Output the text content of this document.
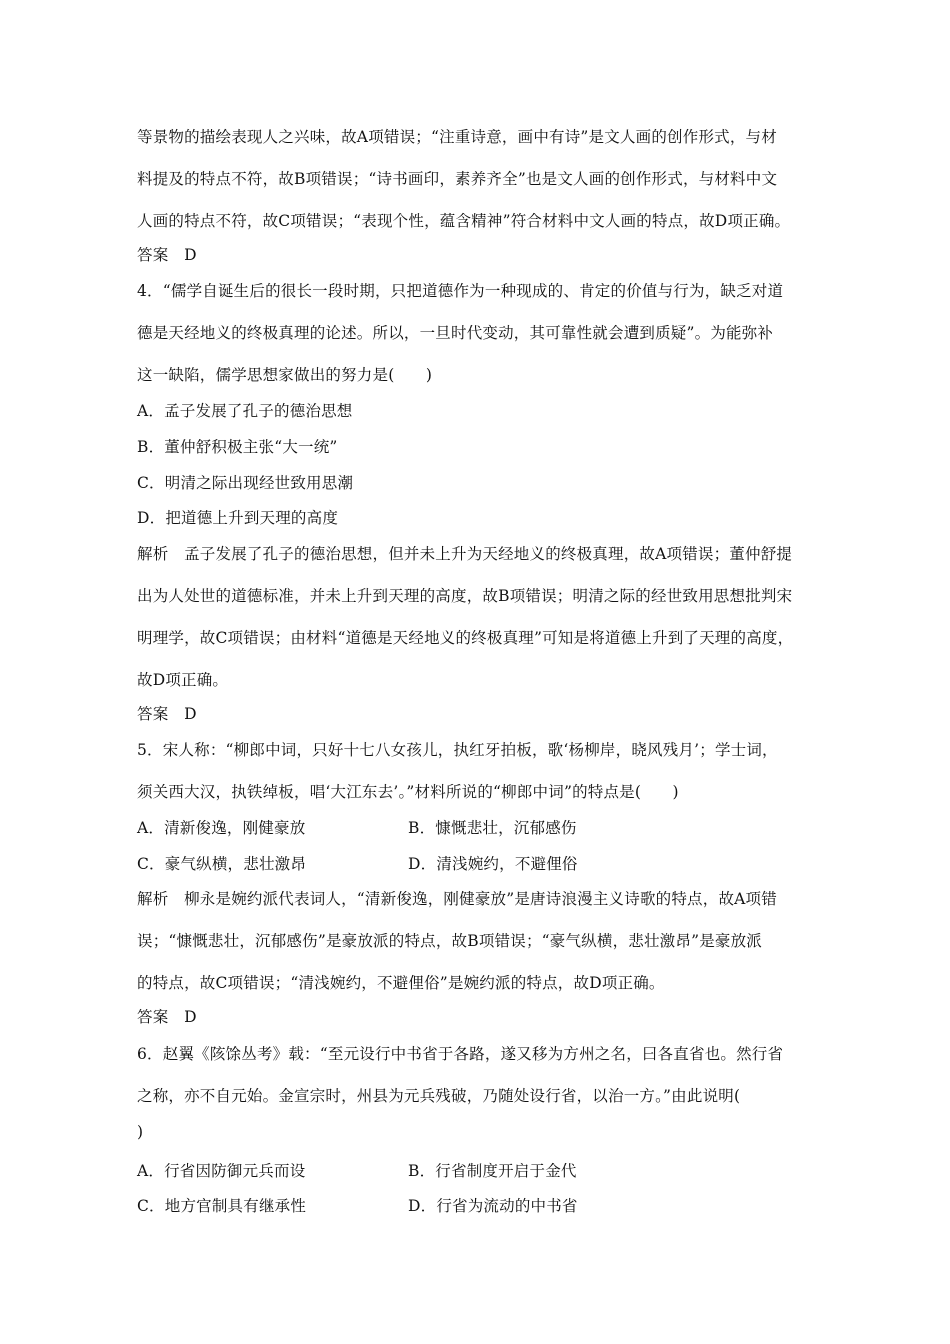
等景物的描绘表现人之兴味，故A项错误；“注重诗意，画中有诗”是文人画的创作形式，与材
料提及的特点不符，故B项错误；“诗书画印，素养齐全”也是文人画的创作形式，与材料中文
人画的特点不符，故C项错误；“表现个性，蕴含精神”符合材料中文人画的特点，故D项正确。
答案　D
4．“儒学自诞生后的很长一段时期，只把道德作为一种现成的、肯定的价值与行为，缺乏对道
德是天经地义的终极真理的论述。所以，一旦时代变动，其可靠性就会遭到质疑”。为能弥补
这一缺陷，儒学思想家做出的努力是(　　)
A．孟子发展了孔子的德治思想
B．董仲舒积极主张“大一统”
C．明清之际出现经世致用思潮
D．把道德上升到天理的高度
解析　孟子发展了孔子的德治思想，但并未上升为天经地义的终极真理，故A项错误；董仲舒提
出为人处世的道德标准，并未上升到天理的高度，故B项错误；明清之际的经世致用思想批判宋
明理学，故C项错误；由材料“道德是天经地义的终极真理”可知是将道德上升到了天理的高度，
故D项正确。
答案　D
5．宋人称：“柳郎中词，只好十七八女孩儿，执红牙拍板，歌‘杨柳岸，晓风残月’；学士词，
须关西大汉，执铁绰板，唱‘大江东去’。”材料所说的“柳郎中词”的特点是(　　)
A．清新俊逸，刚健豪放	B．慷慨悲壮，沉郁感伤
C．豪气纵横，悲壮激昂	D．清浅婉约，不避俚俗
解析　柳永是婉约派代表词人，“清新俊逸，刚健豪放”是唐诗浪漫主义诗歌的特点，故A项错
误；“慷慨悲壮，沉郁感伤”是豪放派的特点，故B项错误；“豪气纵横，悲壮激昂”是豪放派
的特点，故C项错误；“清浅婉约，不避俚俗”是婉约派的特点，故D项正确。
答案　D
6．赵翼《陔馀丛考》载：“至元设行中书省于各路，遂又移为方州之名，曰各直省也。然行省
之称，亦不自元始。金宣宗时，州县为元兵残破，乃随处设行省，以治一方。”由此说明(
)
A．行省因防御元兵而设	B．行省制度开启于金代
C．地方官制具有继承性	D．行省为流动的中书省
